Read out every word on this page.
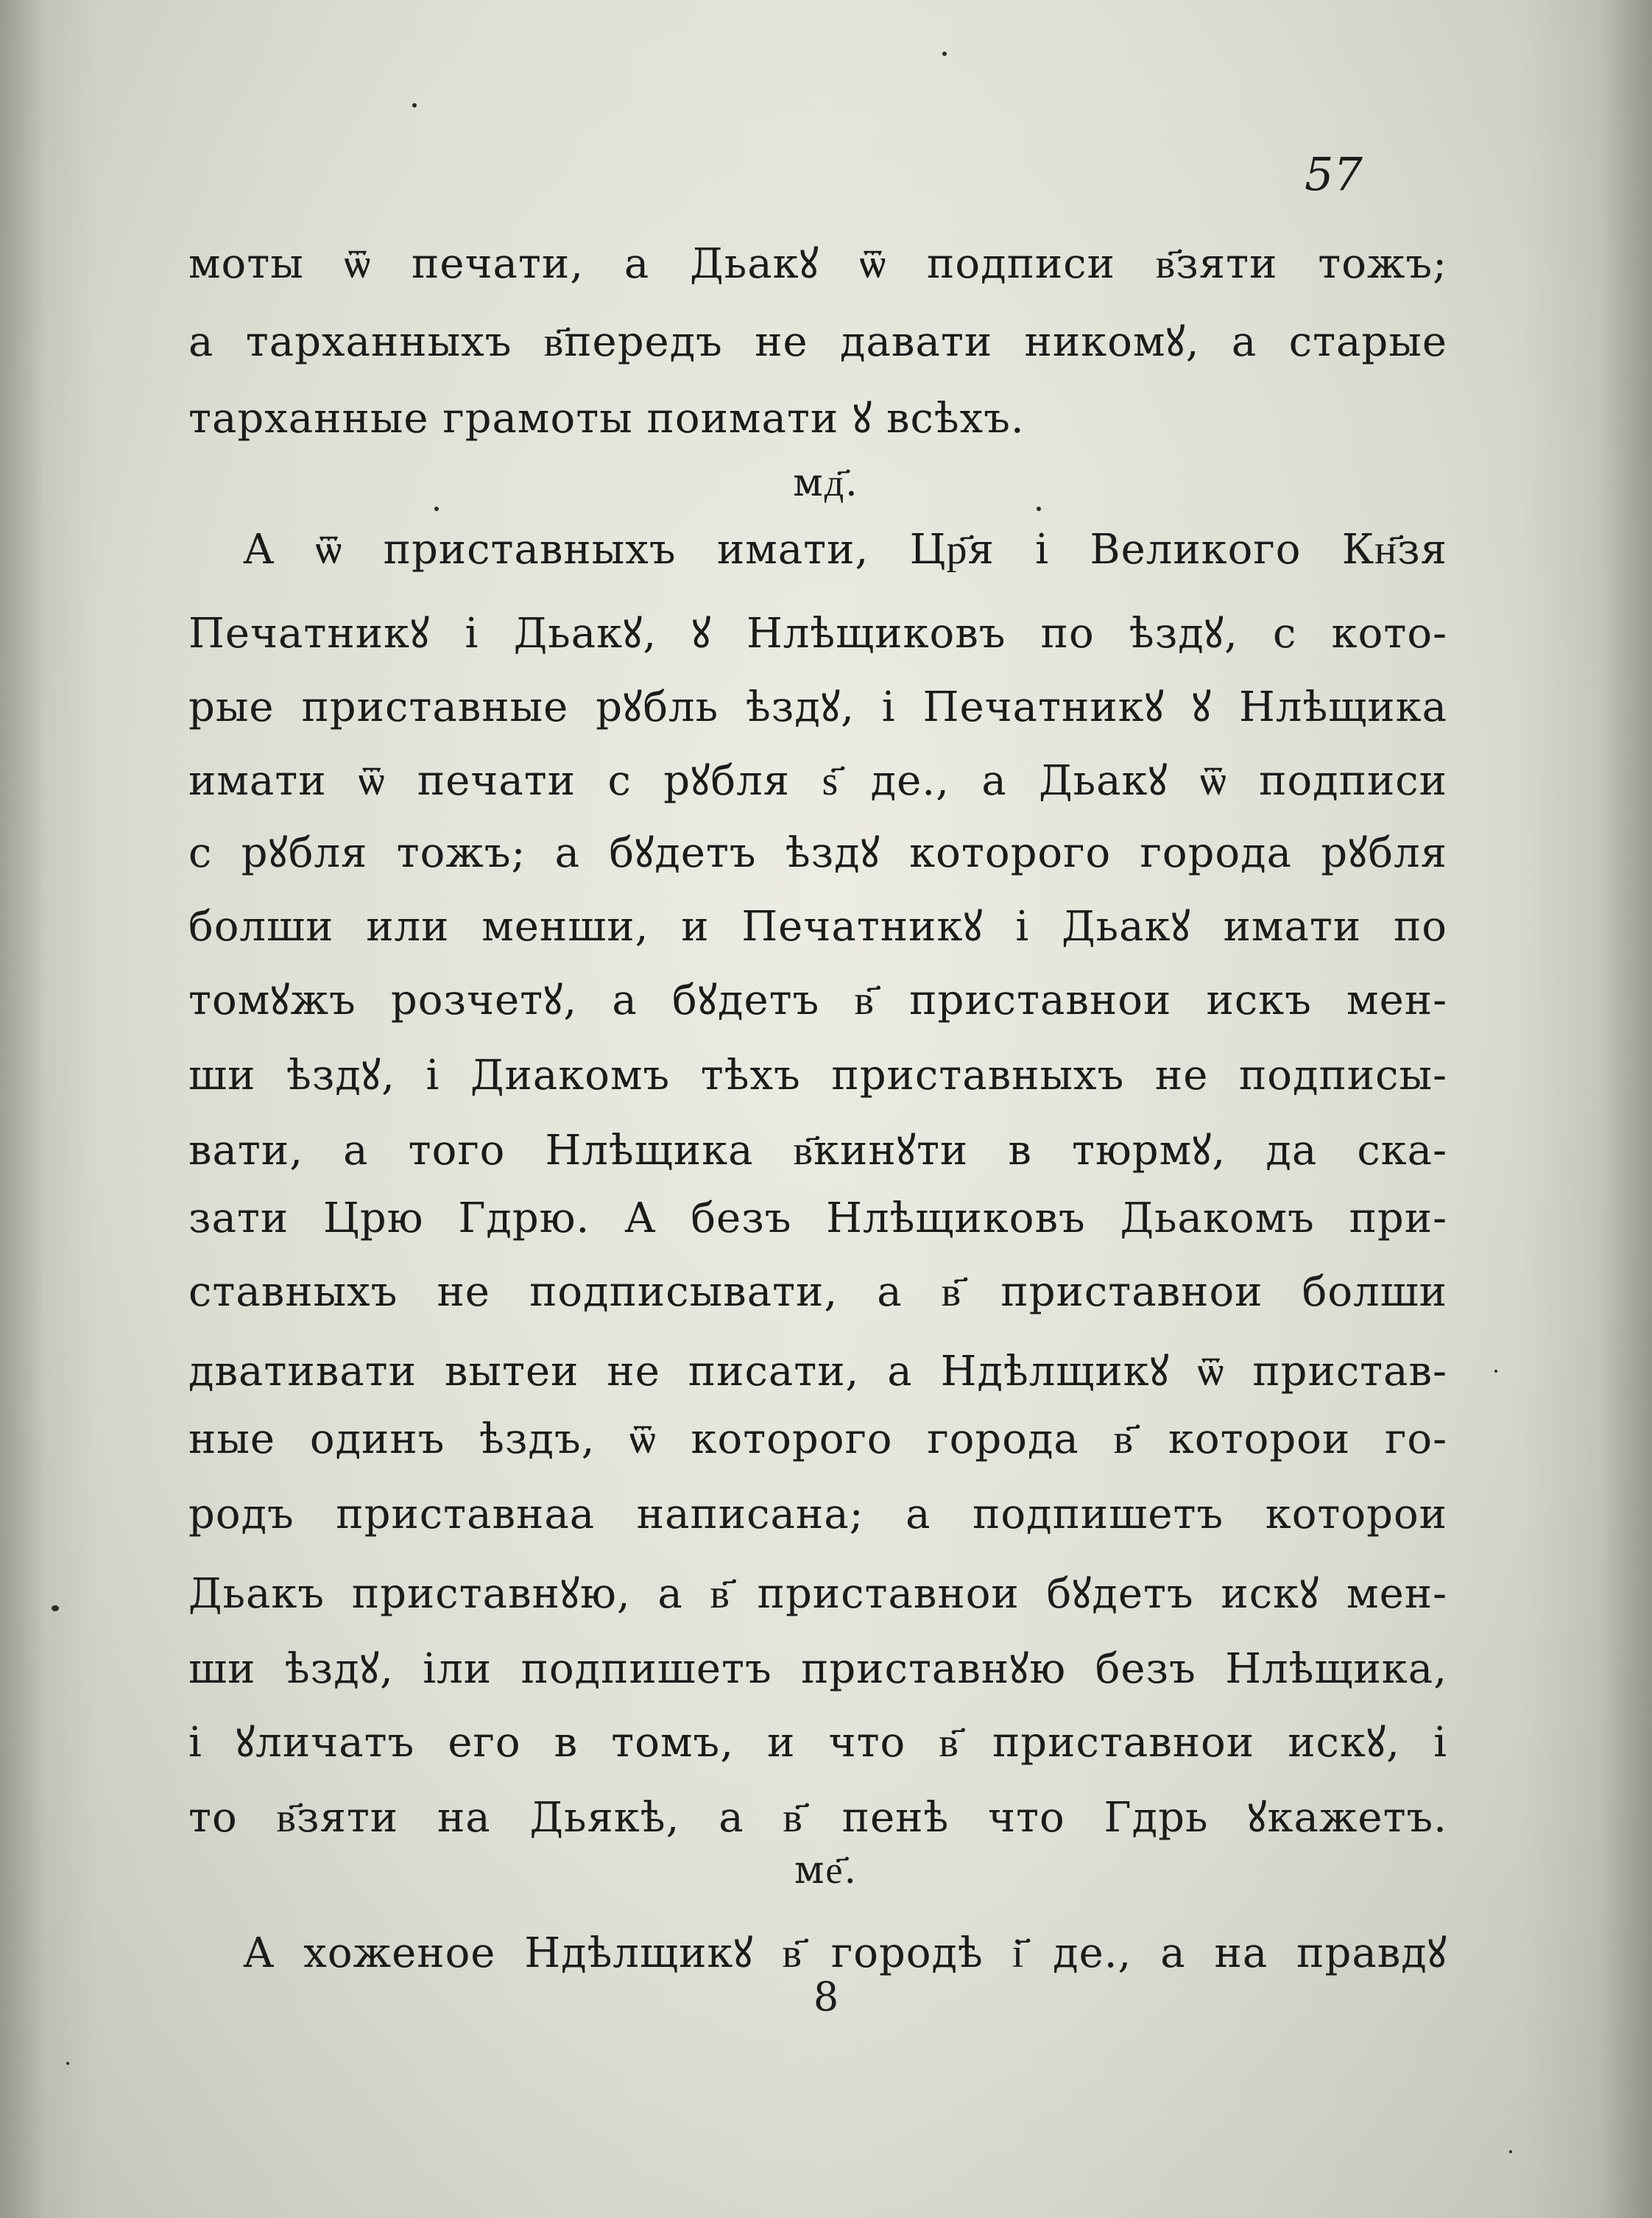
57
моты ѿ печати, а Дьакꙋ ѿ подписи в҃зяти тожъ;
а тарханныхъ в҃передъ не давати никомꙋ, а старые
тарханные грамоты поимати ꙋ всѣхъ.
мд҃.
А ѿ приставныхъ имати, Цр҃я і Великого Кн҃зя
Печатникꙋ і Дьакꙋ, ꙋ Нлѣщиковъ по ѣздꙋ, с кото-
рые приставные рꙋбль ѣздꙋ, і Печатникꙋ ꙋ Нлѣщика
имати ѿ печати с рꙋбля ѕ҃ де., а Дьакꙋ ѿ подписи
с рꙋбля тожъ; а бꙋдетъ ѣздꙋ которого города рꙋбля
болши или менши, и Печатникꙋ і Дьакꙋ имати по
томꙋжъ розчетꙋ, а бꙋдетъ в҃ приставнои искъ мен-
ши ѣздꙋ, і Диакомъ тѣхъ приставныхъ не подписы-
вати, а того Нлѣщика в҃кинꙋти в тюрмꙋ, да ска-
зати Црю Гдрю. А безъ Нлѣщиковъ Дьакомъ при-
ставныхъ не подписывати, а в҃ приставнои болши
двативати вытеи не писати, а Ндѣлщикꙋ ѿ пристав-
ные одинъ ѣздъ, ѿ которого города в҃ которои го-
родъ приставнаа написана; а подпишетъ которои
Дьакъ приставнꙋю, а в҃ приставнои бꙋдетъ искꙋ мен-
ши ѣздꙋ, іли подпишетъ приставнꙋю безъ Нлѣщика,
і ꙋличатъ его в томъ, и что в҃ приставнои искꙋ, і
то в҃зяти на Дьякѣ, а в҃ пенѣ что Гдрь ꙋкажетъ.
ме҃.
А хоженое Ндѣлщикꙋ в҃ городѣ і҃ де., а на правдꙋ
8
